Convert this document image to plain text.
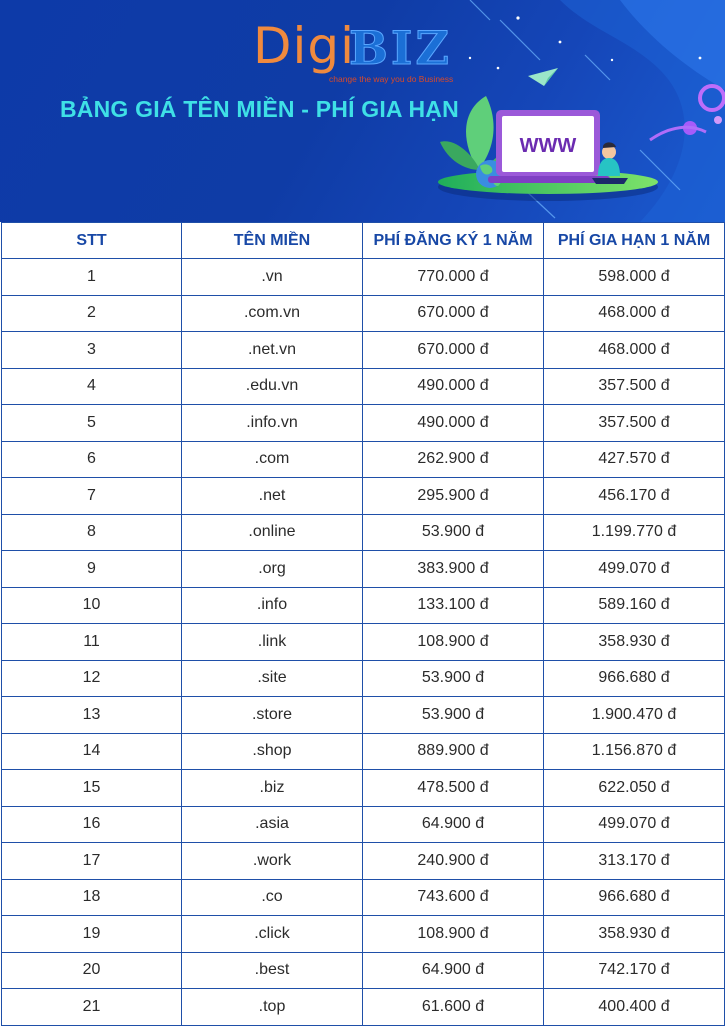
Digi
BIZ
change the way you do Business
BẢNG GIÁ TÊN MIỀN - PHÍ GIA HẠN
WWW
STT	TÊN MIỀN	PHÍ ĐĂNG KÝ 1 NĂM	PHÍ GIA HẠN 1 NĂM
1	.vn	770.000 đ	598.000 đ
2	.com.vn	670.000 đ	468.000 đ
3	.net.vn	670.000 đ	468.000 đ
4	.edu.vn	490.000 đ	357.500 đ
5	.info.vn	490.000 đ	357.500 đ
6	.com	262.900 đ	427.570 đ
7	.net	295.900 đ	456.170 đ
8	.online	53.900 đ	1.199.770 đ
9	.org	383.900 đ	499.070 đ
10	.info	133.100 đ	589.160 đ
11	.link	108.900 đ	358.930 đ
12	.site	53.900 đ	966.680 đ
13	.store	53.900 đ	1.900.470 đ
14	.shop	889.900 đ	1.156.870 đ
15	.biz	478.500 đ	622.050 đ
16	.asia	64.900 đ	499.070 đ
17	.work	240.900 đ	313.170 đ
18	.co	743.600 đ	966.680 đ
19	.click	108.900 đ	358.930 đ
20	.best	64.900 đ	742.170 đ
21	.top	61.600 đ	400.400 đ
